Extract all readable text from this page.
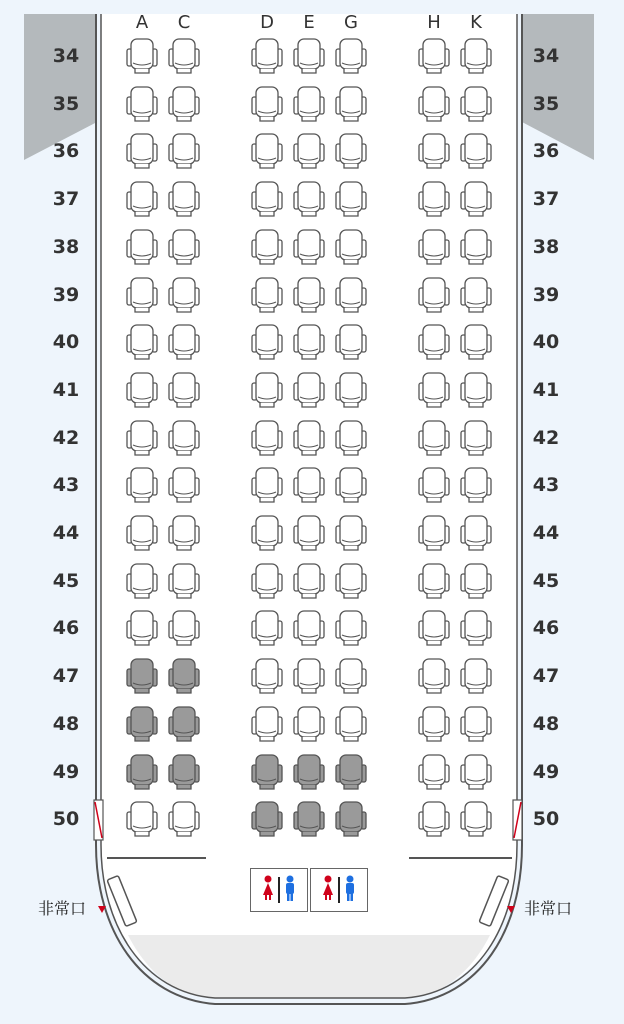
A	C	D	E	G	H	K
34	34
35	35
36	36
37	37
38	38
39	39
40	40
41	41
42	42
43	43
44	44
45	45
46	46
47	47
48	48
49	49
50	50
非常口	非常口
